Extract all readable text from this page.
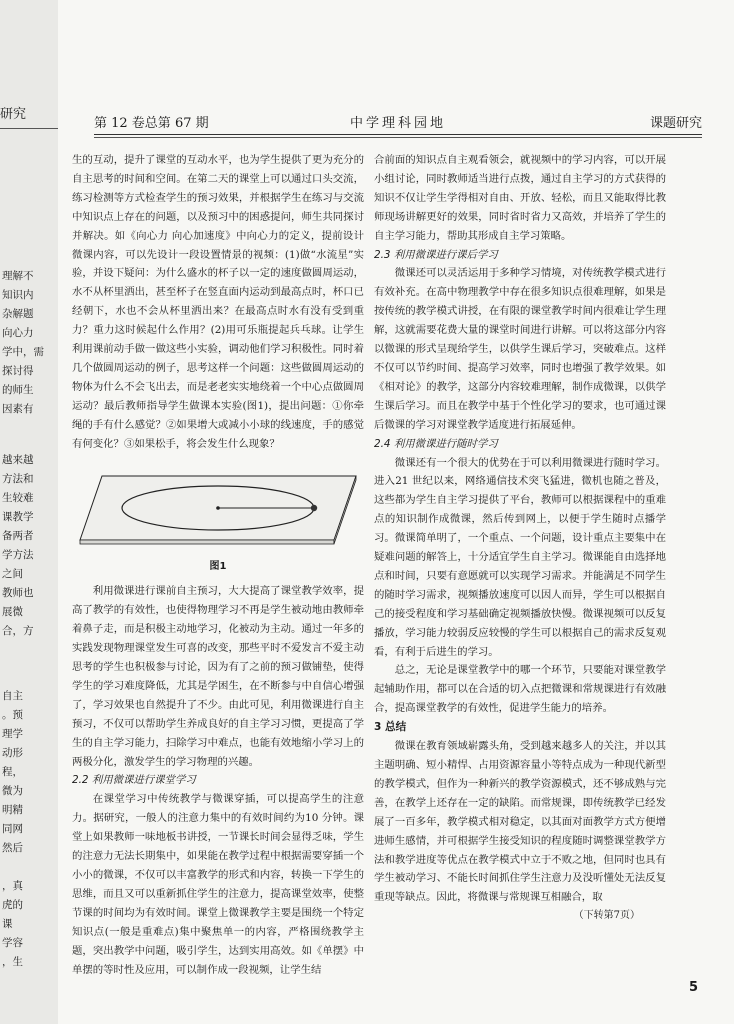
研究
理解不
知识内
杂解题
向心力
学中，需
探讨得
的师生
因素有
越来越
方法和
生较难
课教学
备两者
学方法
之间
教师也
展微
合，方
自主
。预
理学
动形
程，
微为
明精
同网
然后
，真
虎的
课
学容
，生
第 12 卷总第 67 期	中学理科园地	课题研究

生的互动，提升了课堂的互动水平，也为学生提供了更为充分的自主思考的时间和空间。在第二天的课堂上可以通过口头交流，练习检测等方式检查学生的预习效果，并根据学生在练习与交流中知识点上存在的问题，以及预习中的困惑提问，师生共同探讨并解决。如《向心力 向心加速度》中向心力的定义，提前设计微课内容，可以先设计一段设置情景的视频：(1)做“水流星”实验，并设下疑问：为什么盛水的杯子以一定的速度做圆周运动，水不从杯里洒出，甚至杯子在竖直面内运动到最高点时，杯口已经朝下，水也不会从杯里洒出来？在最高点时水有没有受到重力？重力这时候起什么作用？(2)用可乐瓶提起兵乓球。让学生利用课前动手做一做这些小实验，调动他们学习积极性。同时着几个做圆周运动的例子，思考这样一个问题：这些做圆周运动的物体为什么不会飞出去，而是老老实实地绕着一个中心点做圆周运动？最后教师指导学生做课本实验(图1)，提出问题：①你牵绳的手有什么感觉？②如果增大或减小小球的线速度，手的感觉有何变化？③如果松手，将会发生什么现象？

图1

利用微课进行课前自主预习，大大提高了课堂教学效率，提高了教学的有效性，也使得物理学习不再是学生被动地由教师牵着鼻子走，而是积极主动地学习，化被动为主动。通过一年多的实践发现物理课堂发生可喜的改变，那些平时不爱发言不爱主动思考的学生也积极参与讨论，因为有了之前的预习做铺垫，使得学生的学习难度降低，尤其是学困生，在不断参与中自信心增强了，学习效果也自然提升了不少。由此可见，利用微课进行自主预习，不仅可以帮助学生养成良好的自主学习习惯，更提高了学生的自主学习能力，扫除学习中难点，也能有效地缩小学习上的两极分化，激发学生的学习物理的兴趣。

2.2 利用微课进行课堂学习

在课堂学习中传统教学与微课穿插，可以提高学生的注意力。据研究，一般人的注意力集中的有效时间约为10 分钟。课堂上如果教师一味地板书讲授，一节课长时间会显得乏味，学生的注意力无法长期集中，如果能在教学过程中根据需要穿插一个小小的微课，不仅可以丰富教学的形式和内容，转换一下学生的思维，而且又可以重新抓住学生的注意力，提高课堂效率，使整节课的时间均为有效时间。课堂上微课教学主要是围绕一个特定知识点(一般是重难点)集中聚焦单一的内容，严格围绕教学主题，突出教学中问题，吸引学生，达到实用高效。如《单摆》中单摆的等时性及应用，可以制作成一段视频，让学生结

合前面的知识点自主观看领会，就视频中的学习内容，可以开展小组讨论，同时教师适当进行点拨，通过自主学习的方式获得的知识不仅让学生学得相对自由、开放、轻松，而且又能取得比教师现场讲解更好的效果，同时省时省力又高效，并培养了学生的自主学习能力，帮助其形成自主学习策略。

2.3 利用微课进行课后学习

微课还可以灵活运用于多种学习情境，对传统教学模式进行有效补充。在高中物理教学中存在很多知识点很难理解，如果是按传统的教学模式讲授，在有限的课堂教学时间内很难让学生理解，这就需要花费大量的课堂时间进行讲解。可以将这部分内容以微课的形式呈现给学生，以供学生课后学习，突破难点。这样不仅可以节约时间、提高学习效率，同时也增强了教学效果。如《相对论》的教学，这部分内容较难理解，制作成微课，以供学生课后学习。而且在教学中基于个性化学习的要求，也可通过课后微课的学习对课堂教学适度进行拓展延伸。

2.4 利用微课进行随时学习

微课还有一个很大的优势在于可以利用微课进行随时学习。进入21 世纪以来，网络通信技术突飞猛进，微机也随之普及，这些都为学生自主学习提供了平台，教师可以根据课程中的重难点的知识制作成微课，然后传到网上，以便于学生随时点播学习。微课简单明了，一个重点、一个问题，设计重点主要集中在疑难问题的解答上，十分适宜学生自主学习。微课能自由选择地点和时间，只要有意愿就可以实现学习需求。并能满足不同学生的随时学习需求，视频播放速度可以因人而异，学生可以根据自己的接受程度和学习基础确定视频播放快慢。微课视频可以反复播放，学习能力较弱反应较慢的学生可以根据自己的需求反复观看，有利于后进生的学习。

总之，无论是课堂教学中的哪一个环节，只要能对课堂教学起辅助作用，都可以在合适的切入点把微课和常规课进行有效融合，提高课堂教学的有效性，促进学生能力的培养。

3 总结

微课在教育领域崭露头角，受到越来越多人的关注，并以其主题明确、短小精悍、占用资源容量小等特点成为一种现代新型的教学模式，但作为一种新兴的教学资源模式，还不够成熟与完善，在教学上还存在一定的缺陷。而常规课，即传统教学已经发展了一百多年，教学模式相对稳定，以其面对面教学方式方便增进师生感情，并可根据学生接受知识的程度随时调整课堂教学方法和教学进度等优点在教学模式中立于不败之地，但同时也具有学生被动学习、不能长时间抓住学生注意力及没听懂处无法反复重现等缺点。因此，将微课与常规课互相融合，取

（下转第7页）
5
